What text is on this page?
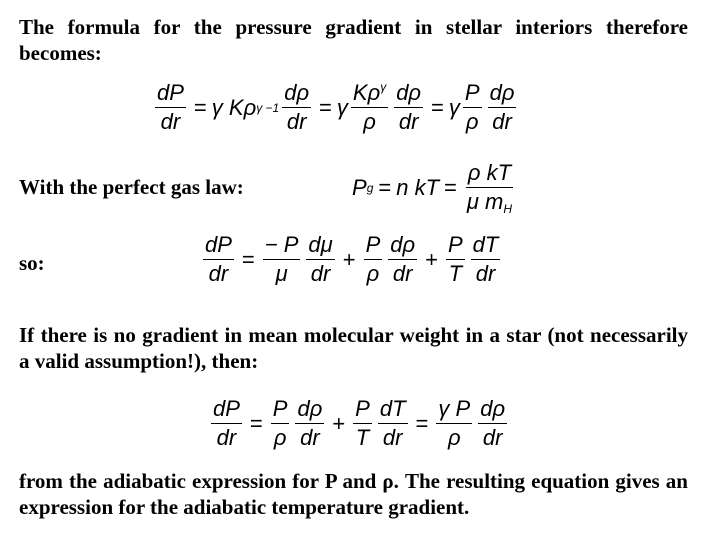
The formula for the pressure gradient in stellar interiors therefore becomes:
$\frac{dP}{dr} = \gamma$ K ρ $\gamma -1 \frac{d\rho}{dr} = \gamma \frac{K\rho^\gamma}{\rho} \frac{d\rho}{dr} = \gamma \frac{P}{\rho} \frac{d\rho}{dr}$
With the perfect gas law:	P g = n kT = $\frac{\text{ρ kT}}{\mu m_H}$
so:	$\frac{dP}{dr} = \frac{- P}{\mu} \frac{d\mu}{dr} + \frac{P}{\rho} \frac{d\rho}{dr} + \frac{P}{T} \frac{dT}{dr}$
If there is no gradient in mean molecular weight in a star (not necessarily a valid assumption!), then:
$\frac{dP}{dr} = \frac{P}{\rho} \frac{d\rho}{dr} + \frac{P}{T} \frac{dT}{dr} = \frac{\text{γ P}}{\rho} \frac{d\rho}{dr}$
from the adiabatic expression for P and ρ. The resulting equation gives an expression for the adiabatic temperature gradient.
